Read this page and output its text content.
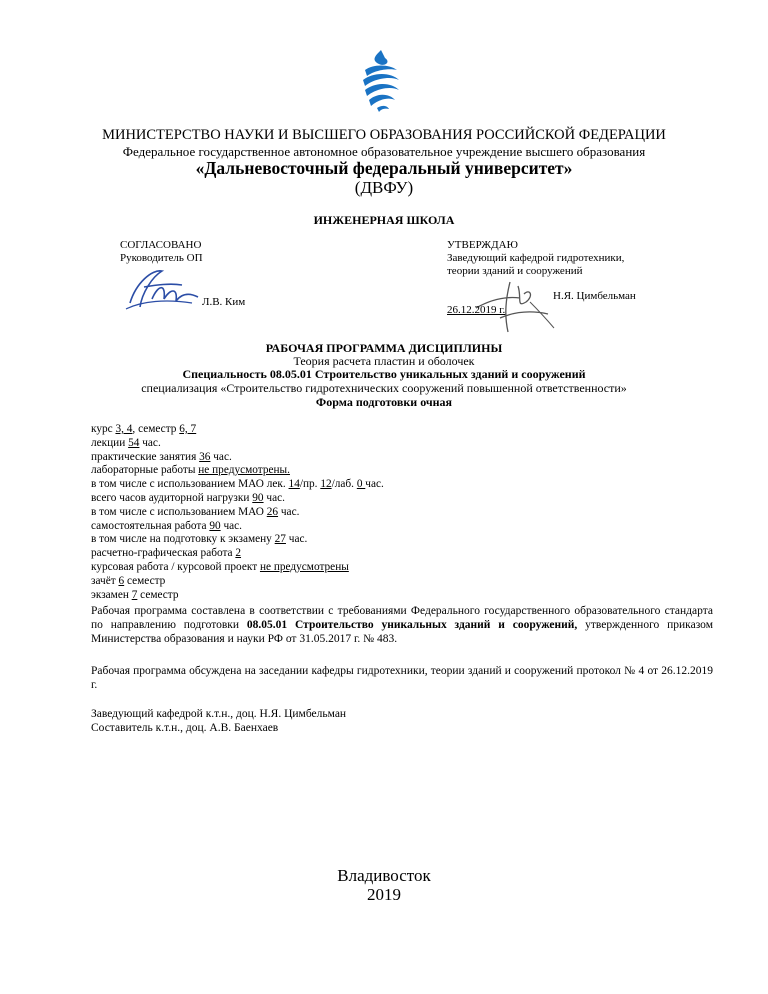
МИНИСТЕРСТВО НАУКИ И ВЫСШЕГО ОБРАЗОВАНИЯ РОССИЙСКОЙ ФЕДЕРАЦИИ
Федеральное государственное автономное образовательное учреждение высшего образования
«Дальневосточный федеральный университет»
(ДВФУ)
ИНЖЕНЕРНАЯ ШКОЛА
СОГЛАСОВАНО
Руководитель ОП
Л.В. Ким
УТВЕРЖДАЮ
Заведующий кафедрой гидротехники,
теории зданий и сооружений
Н.Я. Цимбельман
26.12.2019 г.
РАБОЧАЯ ПРОГРАММА ДИСЦИПЛИНЫ
Теория расчета пластин и оболочек
Специальность 08.05.01 Строительство уникальных зданий и сооружений
специализация «Строительство гидротехнических сооружений повышенной ответственности»
Форма подготовки очная
курс 3, 4, семестр 6, 7
лекции 54 час.
практические занятия 36 час.
лабораторные работы не предусмотрены.
в том числе с использованием МАО лек. 14/пр. 12/лаб. 0 час.
всего часов аудиторной нагрузки 90 час.
в том числе с использованием МАО 26 час.
самостоятельная работа 90 час.
в том числе на подготовку к экзамену 27 час.
расчетно-графическая работа 2
курсовая работа / курсовой проект не предусмотрены
зачёт 6 семестр
экзамен 7 семестр
Рабочая программа составлена в соответствии с требованиями Федерального государственного образовательного стандарта по направлению подготовки 08.05.01 Строительство уникальных зданий и сооружений, утвержденного приказом Министерства образования и науки РФ от 31.05.2017 г. № 483.
Рабочая программа обсуждена на заседании кафедры гидротехники, теории зданий и сооружений протокол № 4 от 26.12.2019 г.
Заведующий кафедрой к.т.н., доц. Н.Я. Цимбельман
Составитель к.т.н., доц. А.В. Баенхаев
Владивосток
2019
